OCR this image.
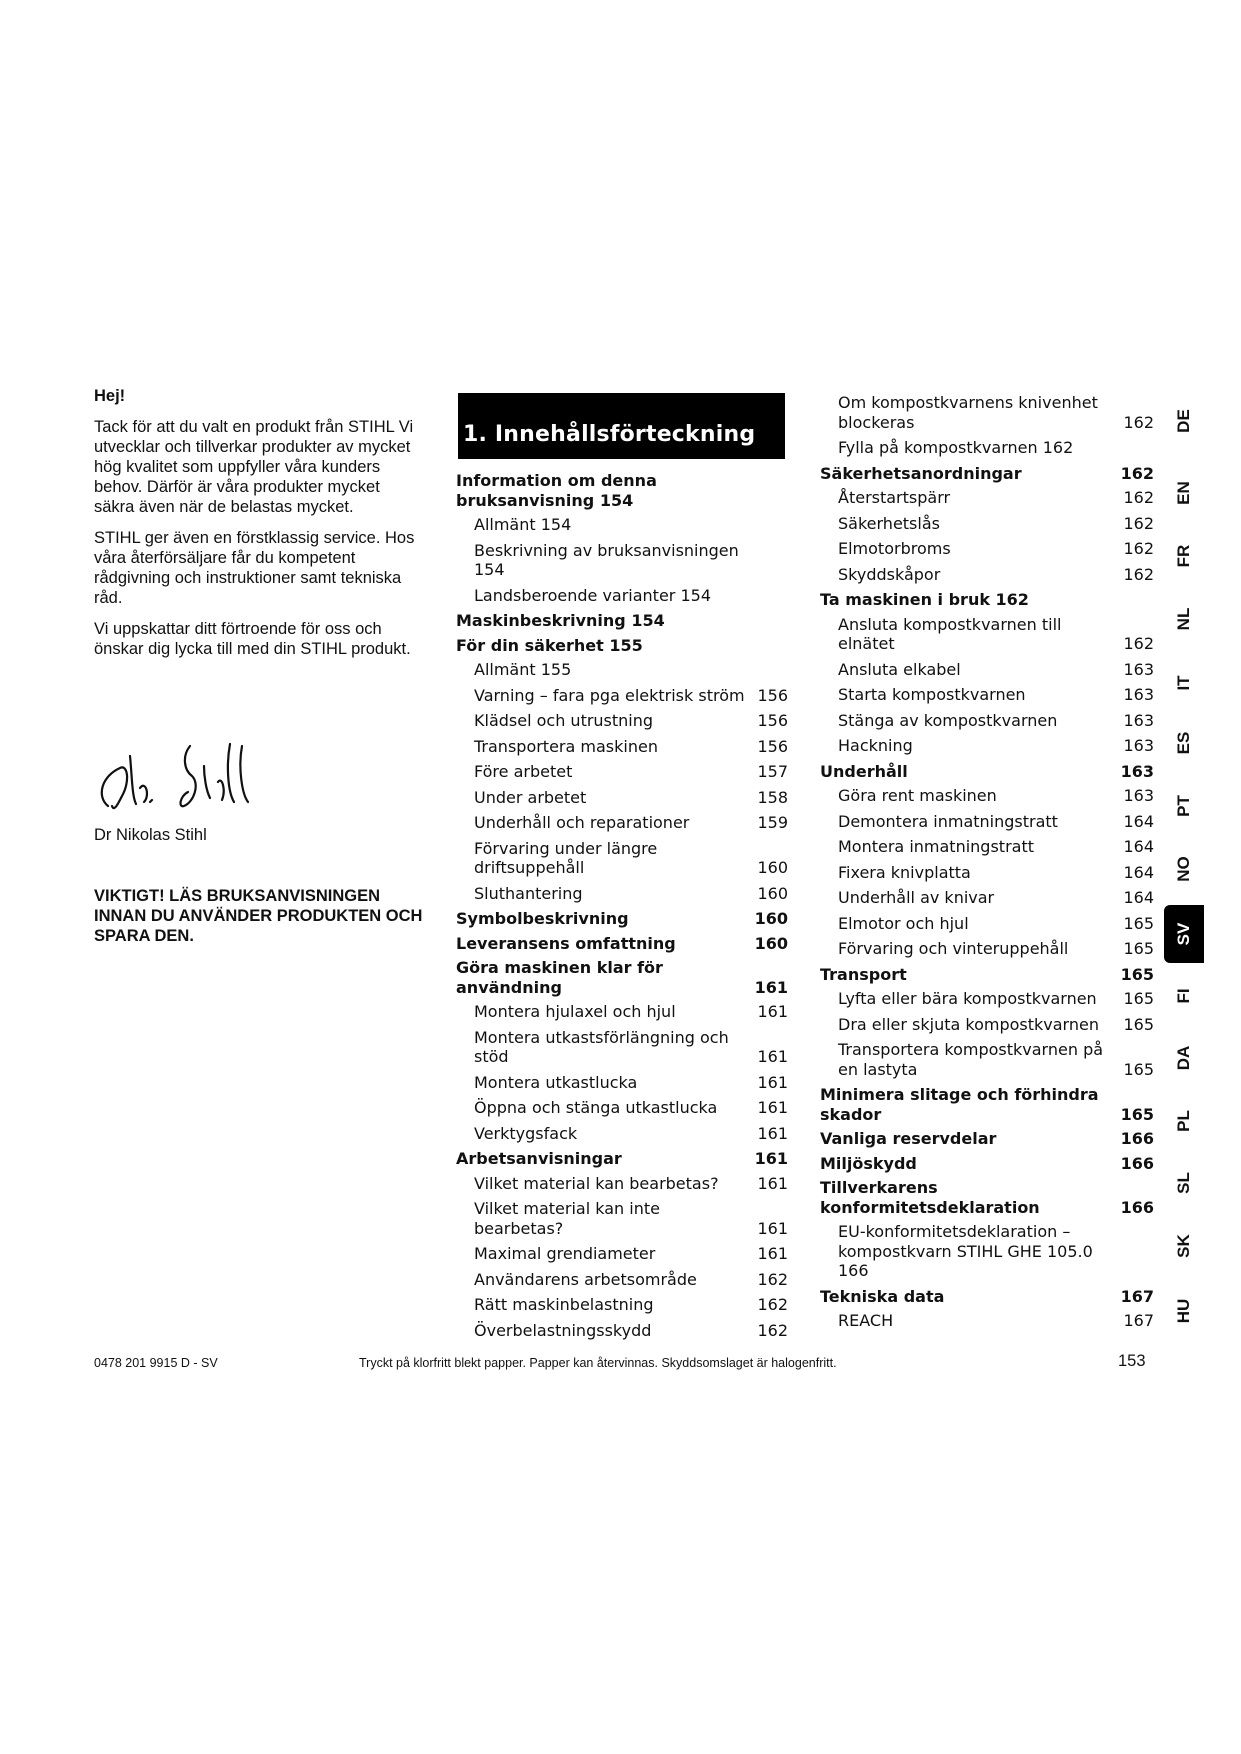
Hej!

Tack för att du valt en produkt från STIHL Vi utvecklar och tillverkar produkter av mycket hög kvalitet som uppfyller våra kunders behov. Därför är våra produkter mycket säkra även när de belastas mycket.

STIHL ger även en förstklassig service. Hos våra återförsäljare får du kompetent rådgivning och instruktioner samt tekniska råd.

Vi uppskattar ditt förtroende för oss och önskar dig lycka till med din STIHL produkt.

Dr Nikolas Stihl
VIKTIGT! LÄS BRUKSANVISNINGEN INNAN DU ANVÄNDER PRODUKTEN OCH SPARA DEN.
1. Innehållsförteckning
Information om denna bruksanvisning 154
Allmänt 154
Beskrivning av bruksanvisningen 154
Landsberoende varianter 154
Maskinbeskrivning 154
För din säkerhet 155
Allmänt 155
Varning – fara pga elektrisk ström 156
Klädsel och utrustning	156
Transportera maskinen	156
Före arbetet	157
Under arbetet	158
Underhåll och reparationer	159
Förvaring under längre driftsuppehåll	160
Sluthantering	160
Symbolbeskrivning	160
Leveransens omfattning	160
Göra maskinen klar för användning	161
Montera hjulaxel och hjul	161
Montera utkastsförlängning och stöd	161
Montera utkastlucka	161
Öppna och stänga utkastlucka	161
Verktygsfack	161
Arbetsanvisningar	161
Vilket material kan bearbetas?	161
Vilket material kan inte bearbetas?	161
Maximal grendiameter	161
Användarens arbetsområde	162
Rätt maskinbelastning	162
Överbelastningsskydd	162
Om kompostkvarnens knivenhet blockeras	162
Fylla på kompostkvarnen 162
Säkerhetsanordningar	162
Återstartspärr	162
Säkerhetslås	162
Elmotorbroms	162
Skyddskåpor	162
Ta maskinen i bruk 162
Ansluta kompostkvarnen till elnätet	162
Ansluta elkabel	163
Starta kompostkvarnen	163
Stänga av kompostkvarnen	163
Hackning	163
Underhåll	163
Göra rent maskinen	163
Demontera inmatningstratt	164
Montera inmatningstratt	164
Fixera knivplatta	164
Underhåll av knivar	164
Elmotor och hjul	165
Förvaring och vinteruppehåll	165
Transport	165
Lyfta eller bära kompostkvarnen	165
Dra eller skjuta kompostkvarnen	165
Transportera kompostkvarnen på en lastyta	165
Minimera slitage och förhindra skador	165
Vanliga reservdelar	166
Miljöskydd	166
Tillverkarens konformitetsdeklaration	166
EU-konformitetsdeklaration – kompostkvarn STIHL GHE 105.0 166
Tekniska data	167
REACH	167
0478 201 9915 D - SV	Tryckt på klorfritt blekt papper. Papper kan återvinnas. Skyddsomslaget är halogenfritt.	153
DE
EN
FR
NL
IT
ES
PT
NO
SV
FI
DA
PL
SL
SK
HU
